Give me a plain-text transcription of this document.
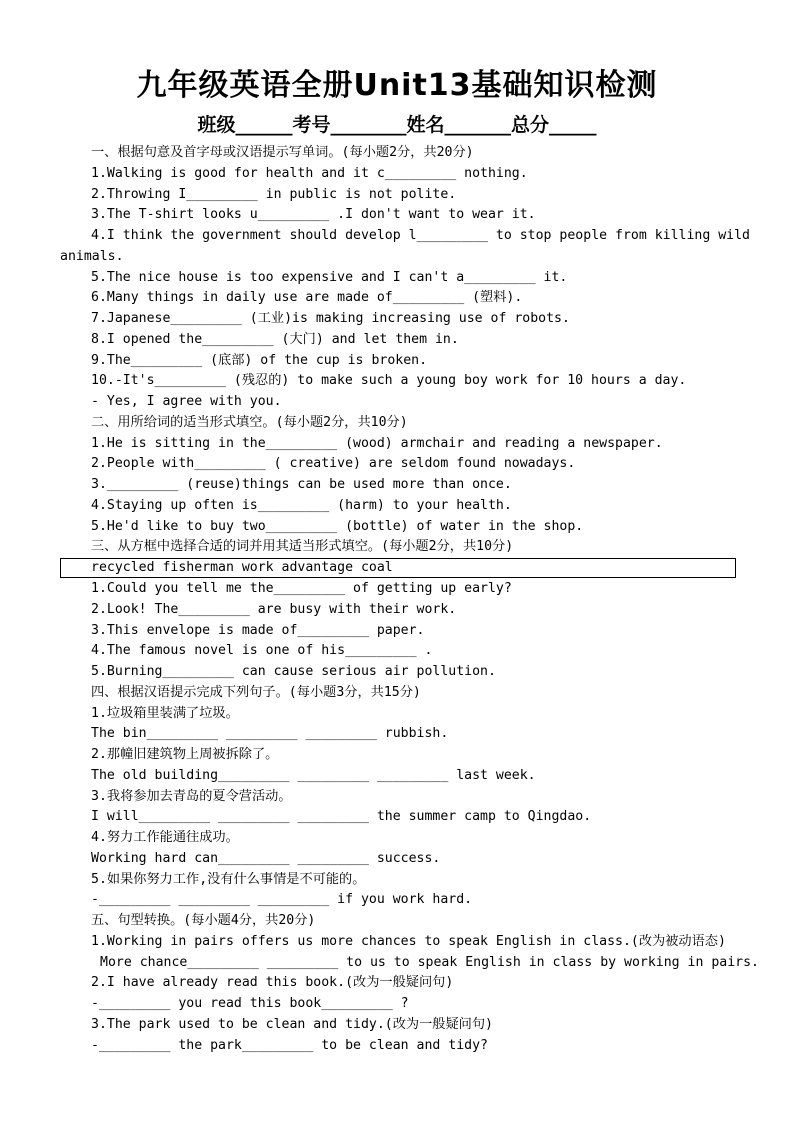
九年级英语全册Unit13基础知识检测
班级______考号________姓名_______总分_____
一、根据句意及首字母或汉语提示写单词。(每小题2分，共20分)
1.Walking is good for health and it c_________ nothing.
2.Throwing I_________ in public is not polite.
3.The T-shirt looks u_________ .I don't want to wear it.
4.I think the government should develop l_________ to stop people from killing wild
animals.
5.The nice house is too expensive and I can't a_________ it.
6.Many things in daily use are made of_________ (塑料).
7.Japanese_________ (工业)is making increasing use of robots.
8.I opened the_________ (大门) and let them in.
9.The_________ (底部) of the cup is broken.
10.-It's_________ (残忍的) to make such a young boy work for 10 hours a day.
- Yes, I agree with you.
二、用所给词的适当形式填空。(每小题2分，共10分)
1.He is sitting in the_________ (wood) armchair and reading a newspaper.
2.People with_________ ( creative) are seldom found nowadays.
3._________ (reuse)things can be used more than once.
4.Staying up often is_________ (harm) to your health.
5.He'd like to buy two_________ (bottle) of water in the shop.
三、从方框中选择合适的词并用其适当形式填空。(每小题2分，共10分)
recycled fisherman work advantage coal
1.Could you tell me the_________ of getting up early?
2.Look! The_________ are busy with their work.
3.This envelope is made of_________ paper.
4.The famous novel is one of his_________ .
5.Burning_________ can cause serious air pollution.
四、根据汉语提示完成下列句子。(每小题3分，共15分)
1.垃圾箱里装满了垃圾。
The bin_________ _________ _________ rubbish.
2.那幢旧建筑物上周被拆除了。
The old building_________ _________ _________ last week.
3.我将参加去青岛的夏令营活动。
I will_________ _________ _________ the summer camp to Qingdao.
4.努力工作能通往成功。
Working hard can_________ _________ success.
5.如果你努力工作,没有什么事情是不可能的。
-_________ _________ _________ if you work hard.
五、句型转换。(每小题4分，共20分)
1.Working in pairs offers us more chances to speak English in class.(改为被动语态)
More chance_________ _________ to us to speak English in class by working in pairs.
2.I have already read this book.(改为一般疑问句)
-_________ you read this book_________ ?
3.The park used to be clean and tidy.(改为一般疑问句)
-_________ the park_________ to be clean and tidy?
